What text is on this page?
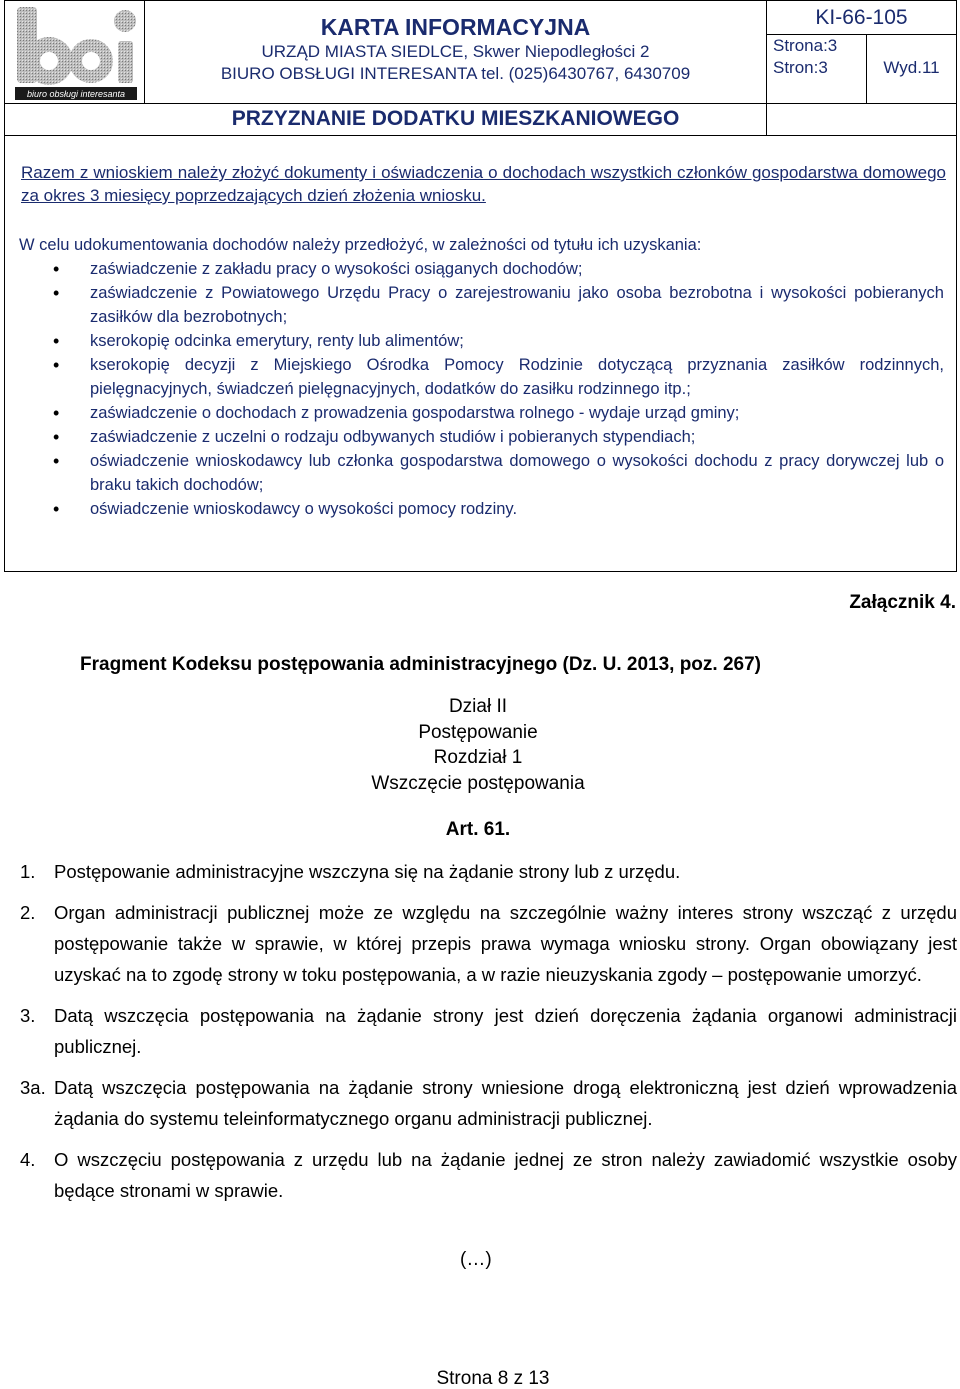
biuro obsługi interesanta
KARTA INFORMACYJNA
URZĄD MIASTA SIEDLCE, Skwer Niepodległości 2
BIURO OBSŁUGI INTERESANTA tel. (025)6430767, 6430709
KI-66-105
Strona:3
Stron:3	Wyd.11
PRZYZNANIE DODATKU MIESZKANIOWEGO

Razem z wnioskiem należy złożyć dokumenty i oświadczenia o dochodach wszystkich członków gospodarstwa domowego za okres 3 miesięcy poprzedzających dzień złożenia wniosku.

W celu udokumentowania dochodów należy przedłożyć, w zależności od tytułu ich uzyskania:

• zaświadczenie z zakładu pracy o wysokości osiąganych dochodów;
• zaświadczenie z Powiatowego Urzędu Pracy o zarejestrowaniu jako osoba bezrobotna i wysokości pobieranych zasiłków dla bezrobotnych;
• kserokopię odcinka emerytury, renty lub alimentów;
• kserokopię decyzji z Miejskiego Ośrodka Pomocy Rodzinie dotyczącą przyznania zasiłków rodzinnych, pielęgnacyjnych, świadczeń pielęgnacyjnych, dodatków do zasiłku rodzinnego itp.;
• zaświadczenie o dochodach z prowadzenia gospodarstwa rolnego - wydaje urząd gminy;
• zaświadczenie z uczelni o rodzaju odbywanych studiów i pobieranych stypendiach;
• oświadczenie wnioskodawcy lub członka gospodarstwa domowego o wysokości dochodu z pracy dorywczej lub o braku takich dochodów;
• oświadczenie wnioskodawcy o wysokości pomocy rodziny.
Załącznik 4.
Fragment Kodeksu postępowania administracyjnego (Dz. U. 2013, poz. 267)
Dział II
Postępowanie
Rozdział 1
Wszczęcie postępowania
Art. 61.
1. Postępowanie administracyjne wszczyna się na żądanie strony lub z urzędu.
2. Organ administracji publicznej może ze względu na szczególnie ważny interes strony wszcząć z urzędu postępowanie także w sprawie, w której przepis prawa wymaga wniosku strony. Organ obowiązany jest uzyskać na to zgodę strony w toku postępowania, a w razie nieuzyskania zgody – postępowanie umorzyć.
3. Datą wszczęcia postępowania na żądanie strony jest dzień doręczenia żądania organowi administracji publicznej.
3a. Datą wszczęcia postępowania na żądanie strony wniesione drogą elektroniczną jest dzień wprowadzenia żądania do systemu teleinformatycznego organu administracji publicznej.
4. O wszczęciu postępowania z urzędu lub na żądanie jednej ze stron należy zawiadomić wszystkie osoby będące stronami w sprawie.
(…)
Strona 8 z 13
